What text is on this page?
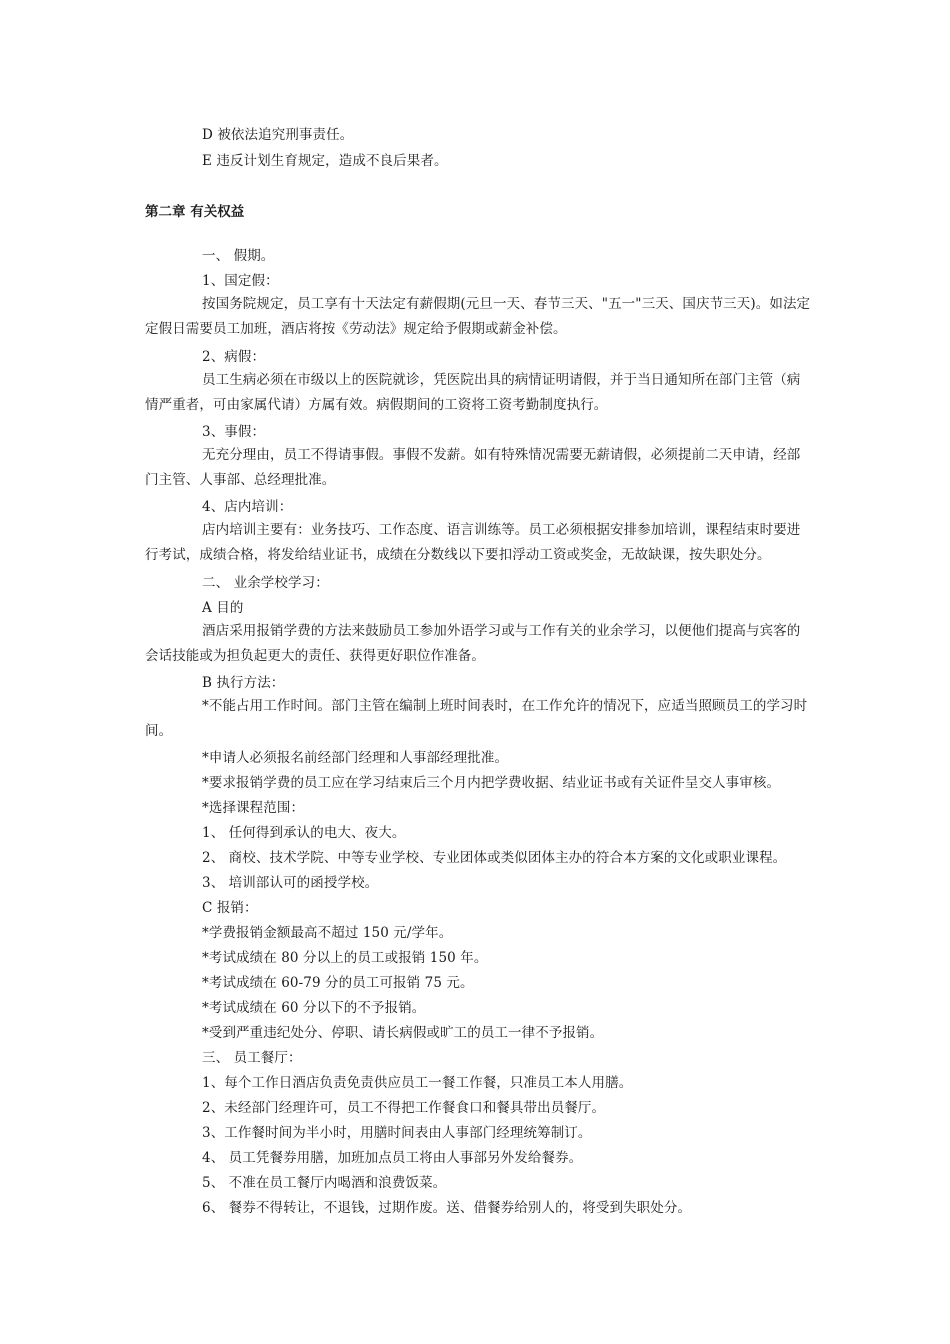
D 被依法追究刑事责任。
E 违反计划生育规定，造成不良后果者。
第二章 有关权益
一、 假期。
1、国定假：
按国务院规定，员工享有十天法定有薪假期(元旦一天、春节三天、"五一"三天、国庆节三天)。如法定定假日需要员工加班，酒店将按《劳动法》规定给予假期或薪金补偿。
2、病假：
员工生病必须在市级以上的医院就诊，凭医院出具的病情证明请假，并于当日通知所在部门主管（病情严重者，可由家属代请）方属有效。病假期间的工资将工资考勤制度执行。
3、事假：
无充分理由，员工不得请事假。事假不发薪。如有特殊情况需要无薪请假，必须提前二天申请，经部门主管、人事部、总经理批准。
4、店内培训：
店内培训主要有：业务技巧、工作态度、语言训练等。员工必须根据安排参加培训，课程结束时要进行考试，成绩合格，将发给结业证书，成绩在分数线以下要扣浮动工资或奖金，无故缺课，按失职处分。
二、 业余学校学习：
A 目的
酒店采用报销学费的方法来鼓励员工参加外语学习或与工作有关的业余学习，以便他们提高与宾客的会话技能或为担负起更大的责任、获得更好职位作准备。
B 执行方法：
*不能占用工作时间。部门主管在编制上班时间表时，在工作允许的情况下，应适当照顾员工的学习时间。
*申请人必须报名前经部门经理和人事部经理批准。
*要求报销学费的员工应在学习结束后三个月内把学费收据、结业证书或有关证件呈交人事审核。
*选择课程范围：
1、 任何得到承认的电大、夜大。
2、 商校、技术学院、中等专业学校、专业团体或类似团体主办的符合本方案的文化或职业课程。
3、 培训部认可的函授学校。
C 报销：
*学费报销金额最高不超过 150 元/学年。
*考试成绩在 80 分以上的员工或报销 150 年。
*考试成绩在 60-79 分的员工可报销 75 元。
*考试成绩在 60 分以下的不予报销。
*受到严重违纪处分、停职、请长病假或旷工的员工一律不予报销。
三、 员工餐厅：
1、每个工作日酒店负责免责供应员工一餐工作餐，只准员工本人用膳。
2、未经部门经理许可，员工不得把工作餐食口和餐具带出员餐厅。
3、工作餐时间为半小时，用膳时间表由人事部门经理统筹制订。
4、 员工凭餐券用膳，加班加点员工将由人事部另外发给餐券。
5、 不准在员工餐厅内喝酒和浪费饭菜。
6、 餐券不得转让，不退钱，过期作废。送、借餐券给别人的，将受到失职处分。
